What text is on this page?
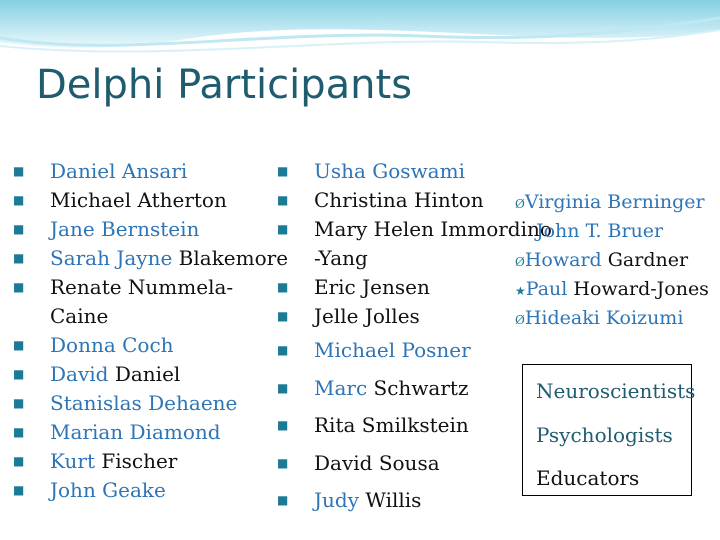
Delphi Participants
■ Daniel Ansari
■ Michael Atherton
■ Jane Bernstein
■ Sarah Jayne Blakemore
■ Renate Nummela-
Caine
■ Donna Coch
■ David Daniel
■ Stanislas Dehaene
■ Marian Diamond
■ Kurt Fischer
■ John Geake
■ Usha Goswami
■ Christina Hinton
■ Mary Helen Immordino
-Yang
■ Eric Jensen
■ Jelle Jolles
■ Michael Posner
■ Marc Schwartz
■ Rita Smilkstein
■ David Sousa
■ Judy Willis
ØVirginia Berninger
John T. Bruer
ØHoward Gardner
★Paul Howard-Jones
ØHideaki Koizumi
Neuroscientists
Psychologists
Educators
